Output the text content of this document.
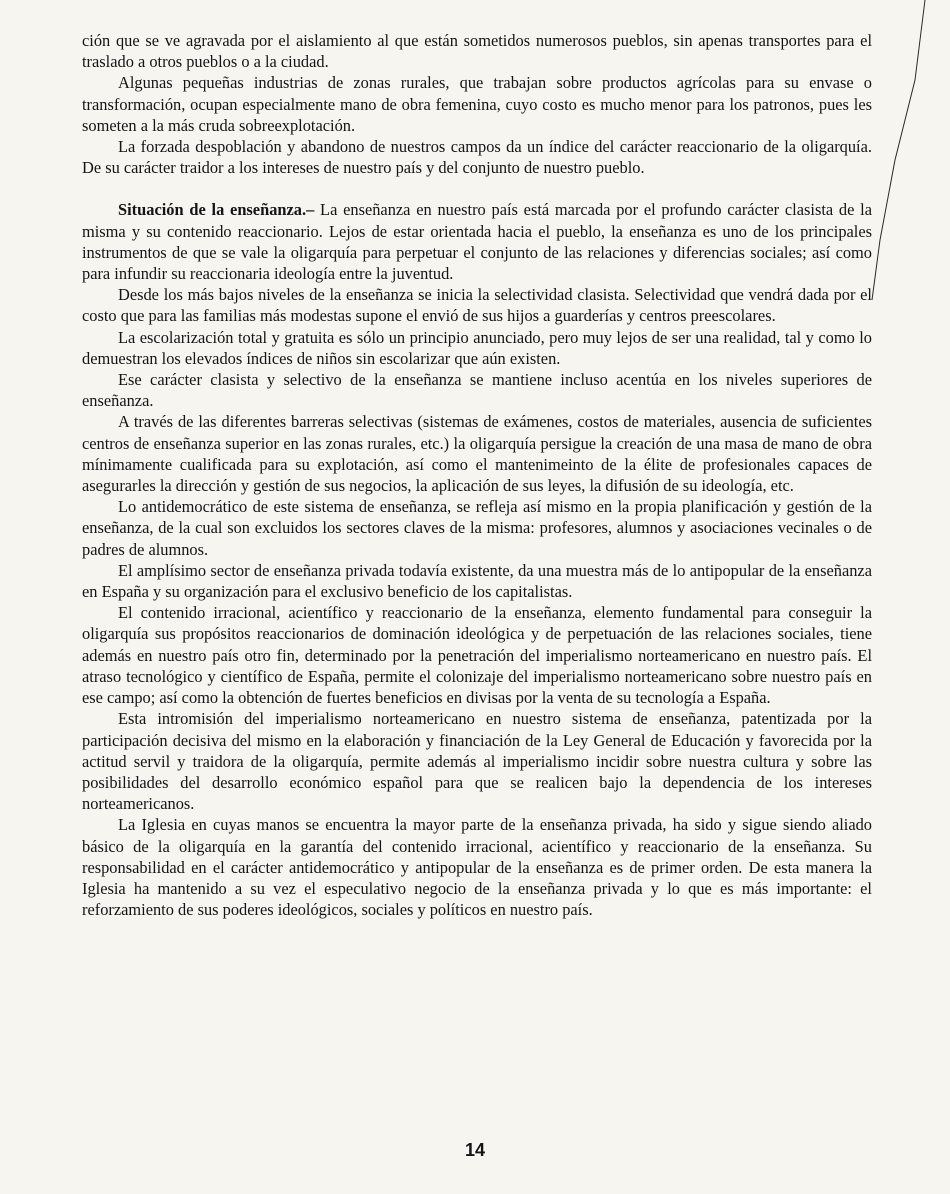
ción que se ve agravada por el aislamiento al que están sometidos numerosos pueblos, sin apenas transportes para el traslado a otros pueblos o a la ciudad.

Algunas pequeñas industrias de zonas rurales, que trabajan sobre productos agrícolas para su envase o transformación, ocupan especialmente mano de obra femenina, cuyo costo es mucho menor para los patronos, pues les someten a la más cruda sobreexplotación.

La forzada despoblación y abandono de nuestros campos da un índice del carácter reaccionario de la oligarquía. De su carácter traidor a los intereses de nuestro país y del conjunto de nuestro pueblo.

Situación de la enseñanza.– La enseñanza en nuestro país está marcada por el profundo carácter clasista de la misma y su contenido reaccionario. Lejos de estar orientada hacia el pueblo, la enseñanza es uno de los principales instrumentos de que se vale la oligarquía para perpetuar el conjunto de las relaciones y diferencias sociales; así como para infundir su reaccionaria ideología entre la juventud.

Desde los más bajos niveles de la enseñanza se inicia la selectividad clasista. Selectividad que vendrá dada por el costo que para las familias más modestas supone el envió de sus hijos a guarderías y centros preescolares.

La escolarización total y gratuita es sólo un principio anunciado, pero muy lejos de ser una realidad, tal y como lo demuestran los elevados índices de niños sin escolarizar que aún existen.

Ese carácter clasista y selectivo de la enseñanza se mantiene incluso acentúa en los niveles superiores de enseñanza.

A través de las diferentes barreras selectivas (sistemas de exámenes, costos de materiales, ausencia de suficientes centros de enseñanza superior en las zonas rurales, etc.) la oligarquía persigue la creación de una masa de mano de obra mínimamente cualificada para su explotación, así como el mantenimeinto de la élite de profesionales capaces de asegurarles la dirección y gestión de sus negocios, la aplicación de sus leyes, la difusión de su ideología, etc.

Lo antidemocrático de este sistema de enseñanza, se refleja así mismo en la propia planificación y gestión de la enseñanza, de la cual son excluidos los sectores claves de la misma: profesores, alumnos y asociaciones vecinales o de padres de alumnos.

El amplísimo sector de enseñanza privada todavía existente, da una muestra más de lo antipopular de la enseñanza en España y su organización para el exclusivo beneficio de los capitalistas.

El contenido irracional, acientífico y reaccionario de la enseñanza, elemento fundamental para conseguir la oligarquía sus propósitos reaccionarios de dominación ideológica y de perpetuación de las relaciones sociales, tiene además en nuestro país otro fin, determinado por la penetración del imperialismo norteamericano en nuestro país. El atraso tecnológico y científico de España, permite el colonizaje del imperialismo norteamericano sobre nuestro país en ese campo; así como la obtención de fuertes beneficios en divisas por la venta de su tecnología a España.

Esta intromisión del imperialismo norteamericano en nuestro sistema de enseñanza, patentizada por la participación decisiva del mismo en la elaboración y financiación de la Ley General de Educación y favorecida por la actitud servil y traidora de la oligarquía, permite además al imperialismo incidir sobre nuestra cultura y sobre las posibilidades del desarrollo económico español para que se realicen bajo la dependencia de los intereses norteamericanos.

La Iglesia en cuyas manos se encuentra la mayor parte de la enseñanza privada, ha sido y sigue siendo aliado básico de la oligarquía en la garantía del contenido irracional, acientífico y reaccionario de la enseñanza. Su responsabilidad en el carácter antidemocrático y antipopular de la enseñanza es de primer orden. De esta manera la Iglesia ha mantenido a su vez el especulativo negocio de la enseñanza privada y lo que es más importante: el reforzamiento de sus poderes ideológicos, sociales y políticos en nuestro país.

14
